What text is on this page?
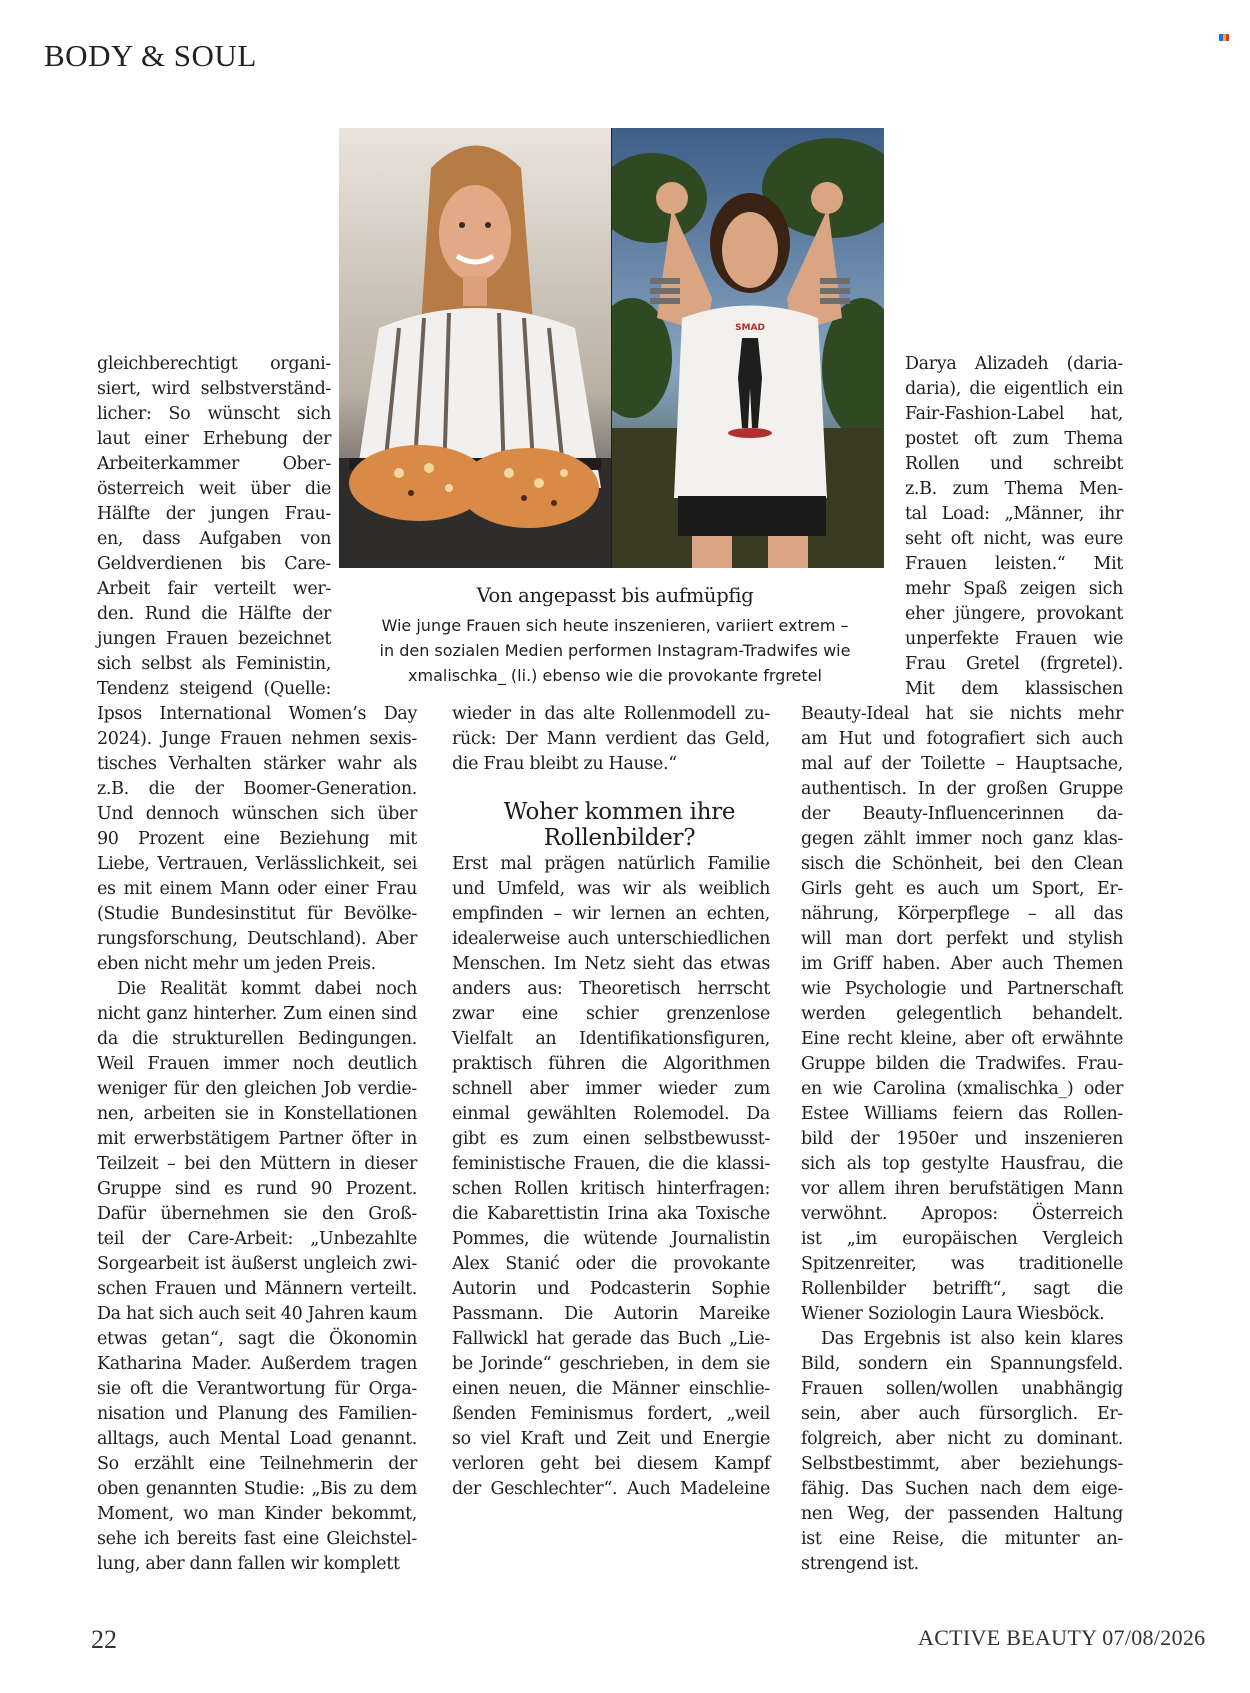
BODY & SOUL
SMAD
Von angepasst bis aufmüpfig
Wie junge Frauen sich heute inszenieren, variiert extrem –
in den sozialen Medien performen Instagram-Tradwifes wie
xmalischka_ (li.) ebenso wie die provokante frgretel
gleichberechtigt organi-
siert, wird selbstverständ-
licher: So wünscht sich
laut einer Erhebung der
Arbeiterkammer Ober-
österreich weit über die
Hälfte der jungen Frau-
en, dass Aufgaben von
Geldverdienen bis Care-
Arbeit fair verteilt wer-
den. Rund die Hälfte der
jungen Frauen bezeichnet
sich selbst als Feministin,
Tendenz steigend (Quelle:
Ipsos International Women’s Day
2024). Junge Frauen nehmen sexis-
tisches Verhalten stärker wahr als
z.B. die der Boomer-Generation.
Und dennoch wünschen sich über
90 Prozent eine Beziehung mit
Liebe, Vertrauen, Verlässlichkeit, sei
es mit einem Mann oder einer Frau
(Studie Bundesinstitut für Bevölke-
rungsforschung, Deutschland). Aber
eben nicht mehr um jeden Preis.
Die Realität kommt dabei noch
nicht ganz hinterher. Zum einen sind
da die strukturellen Bedingungen.
Weil Frauen immer noch deutlich
weniger für den gleichen Job verdie-
nen, arbeiten sie in Konstellationen
mit erwerbstätigem Partner öfter in
Teilzeit – bei den Müttern in dieser
Gruppe sind es rund 90 Prozent.
Dafür übernehmen sie den Groß-
teil der Care-Arbeit: „Unbezahlte
Sorgearbeit ist äußerst ungleich zwi-
schen Frauen und Männern verteilt.
Da hat sich auch seit 40 Jahren kaum
etwas getan“, sagt die Ökonomin
Katharina Mader. Außerdem tragen
sie oft die Verantwortung für Orga-
nisation und Planung des Familien-
alltags, auch Mental Load genannt.
So erzählt eine Teilnehmerin der
oben genannten Studie: „Bis zu dem
Moment, wo man Kinder bekommt,
sehe ich bereits fast eine Gleichstel-
lung, aber dann fallen wir komplett
wieder in das alte Rollenmodell zu-
rück: Der Mann verdient das Geld,
die Frau bleibt zu Hause.“
Woher kommen ihre
Rollenbilder?
Erst mal prägen natürlich Familie
und Umfeld, was wir als weiblich
empfinden – wir lernen an echten,
idealerweise auch unterschiedlichen
Menschen. Im Netz sieht das etwas
anders aus: Theoretisch herrscht
zwar eine schier grenzenlose
Vielfalt an Identifikationsfiguren,
praktisch führen die Algorithmen
schnell aber immer wieder zum
einmal gewählten Rolemodel. Da
gibt es zum einen selbstbewusst-
feministische Frauen, die die klassi-
schen Rollen kritisch hinterfragen:
die Kabarettistin Irina aka Toxische
Pommes, die wütende Journalistin
Alex Stanić oder die provokante
Autorin und Podcasterin Sophie
Passmann. Die Autorin Mareike
Fallwickl hat gerade das Buch „Lie-
be Jorinde“ geschrieben, in dem sie
einen neuen, die Männer einschlie-
ßenden Feminismus fordert, „weil
so viel Kraft und Zeit und Energie
verloren geht bei diesem Kampf
der Geschlechter“. Auch Madeleine
Darya Alizadeh (daria-
daria), die eigentlich ein
Fair-Fashion-Label hat,
postet oft zum Thema
Rollen und schreibt
z.B. zum Thema Men-
tal Load: „Männer, ihr
seht oft nicht, was eure
Frauen leisten.“ Mit
mehr Spaß zeigen sich
eher jüngere, provokant
unperfekte Frauen wie
Frau Gretel (frgretel).
Mit dem klassischen
Beauty-Ideal hat sie nichts mehr
am Hut und fotografiert sich auch
mal auf der Toilette – Hauptsache,
authentisch. In der großen Gruppe
der Beauty-Influencerinnen da-
gegen zählt immer noch ganz klas-
sisch die Schönheit, bei den Clean
Girls geht es auch um Sport, Er-
nährung, Körperpflege – all das
will man dort perfekt und stylish
im Griff haben. Aber auch Themen
wie Psychologie und Partnerschaft
werden gelegentlich behandelt.
Eine recht kleine, aber oft erwähnte
Gruppe bilden die Tradwifes. Frau-
en wie Carolina (xmalischka_) oder
Estee Williams feiern das Rollen-
bild der 1950er und inszenieren
sich als top gestylte Hausfrau, die
vor allem ihren berufstätigen Mann
verwöhnt. Apropos: Österreich
ist „im europäischen Vergleich
Spitzenreiter, was traditionelle
Rollenbilder betrifft“, sagt die
Wiener Soziologin Laura Wiesböck.
Das Ergebnis ist also kein klares
Bild, sondern ein Spannungsfeld.
Frauen sollen/wollen unabhängig
sein, aber auch fürsorglich. Er-
folgreich, aber nicht zu dominant.
Selbstbestimmt, aber beziehungs-
fähig. Das Suchen nach dem eige-
nen Weg, der passenden Haltung
ist eine Reise, die mitunter an-
strengend ist.
22	ACTIVE BEAUTY 07/08/2026
